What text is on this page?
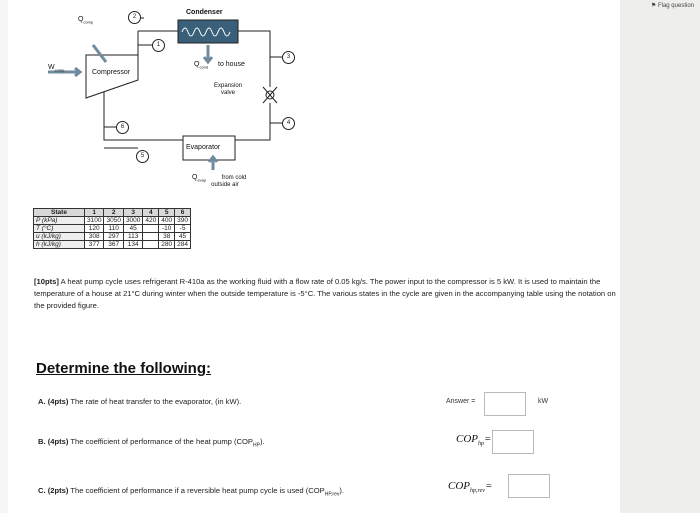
⚑ Flag question
Condenser
$Q_{cond}$ to house
Compressor
$W_{comp}$
$Q_{comp}$
Expansion
valve
Evaporator
$Q_{evap}$	from cold
outside air
2
1
3
4
6
5
State	1	2	3	4	5	6
P (kPa)	3100	3050	3000	420	400	390
T (°C)	120	110	45		-10	-5
u (kJ/kg)	308	297	113		38	45
h (kJ/kg)	377	367	134		280	284
[10pts] A heat pump cycle uses refrigerant R-410a as the working fluid with a flow rate of 0.05 kg/s. The power input to the compressor is 5 kW. It is used to maintain the temperature of a house at 21°C during winter when the outside temperature is -5°C. The various states in the cycle are given in the accompanying table using the notation on the provided figure.
Determine the following:
A. (4pts) The rate of heat transfer to the evaporator, (in kW).	Answer =	kW
B. (4pts) The coefficient of performance of the heat pump $(COP_{HP})$.	$COP_{hp}=$
C. (2pts) The coefficient of performance if a reversible heat pump cycle is used $(COP_{HP,rev})$.	$COP_{hp,rev}=$
